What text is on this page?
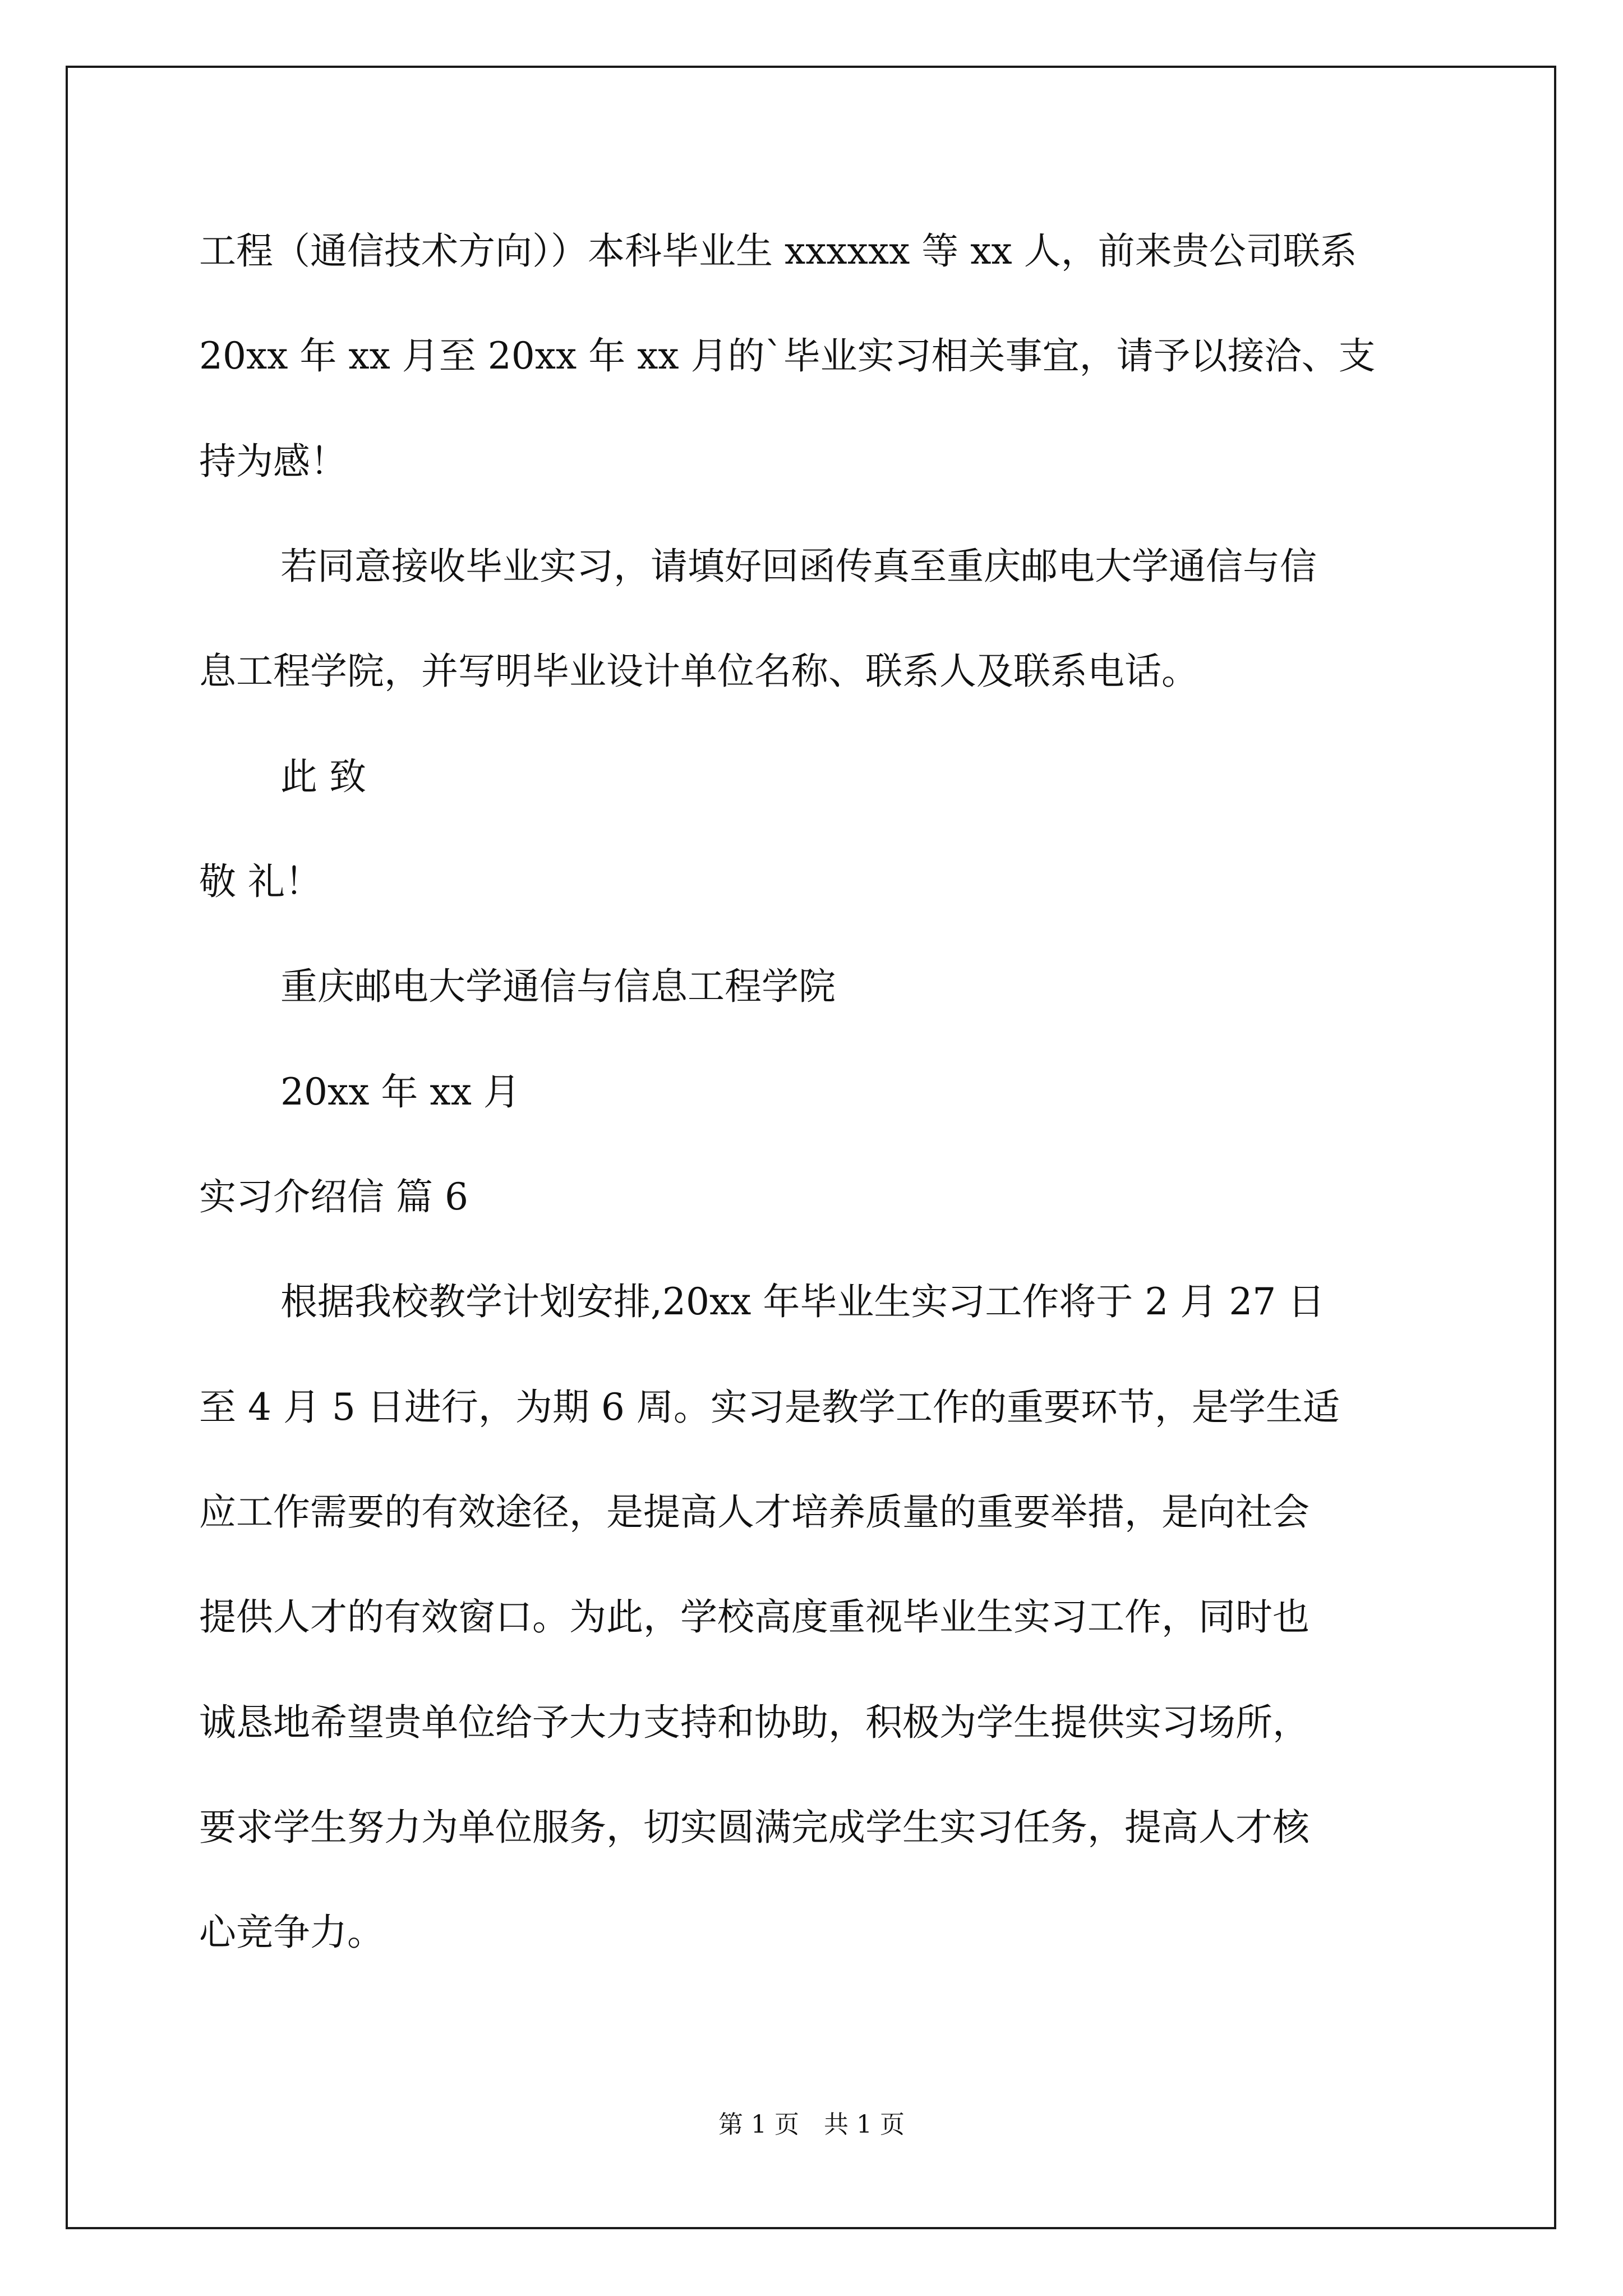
工程（通信技术方向））本科毕业生 xxxxxx 等 xx 人，前来贵公司联系
20xx 年 xx 月至 20xx 年 xx 月的`毕业实习相关事宜，请予以接洽、支
持为感！
若同意接收毕业实习，请填好回函传真至重庆邮电大学通信与信
息工程学院，并写明毕业设计单位名称、联系人及联系电话。
此 致
敬 礼！
重庆邮电大学通信与信息工程学院
20xx 年 xx 月
实习介绍信 篇 6
根据我校教学计划安排,20xx 年毕业生实习工作将于 2 月 27 日
至 4 月 5 日进行，为期 6 周。实习是教学工作的重要环节，是学生适
应工作需要的有效途径，是提高人才培养质量的重要举措，是向社会
提供人才的有效窗口。为此，学校高度重视毕业生实习工作，同时也
诚恳地希望贵单位给予大力支持和协助，积极为学生提供实习场所，
要求学生努力为单位服务，切实圆满完成学生实习任务，提高人才核
心竞争力。
第 1 页　共 1 页
